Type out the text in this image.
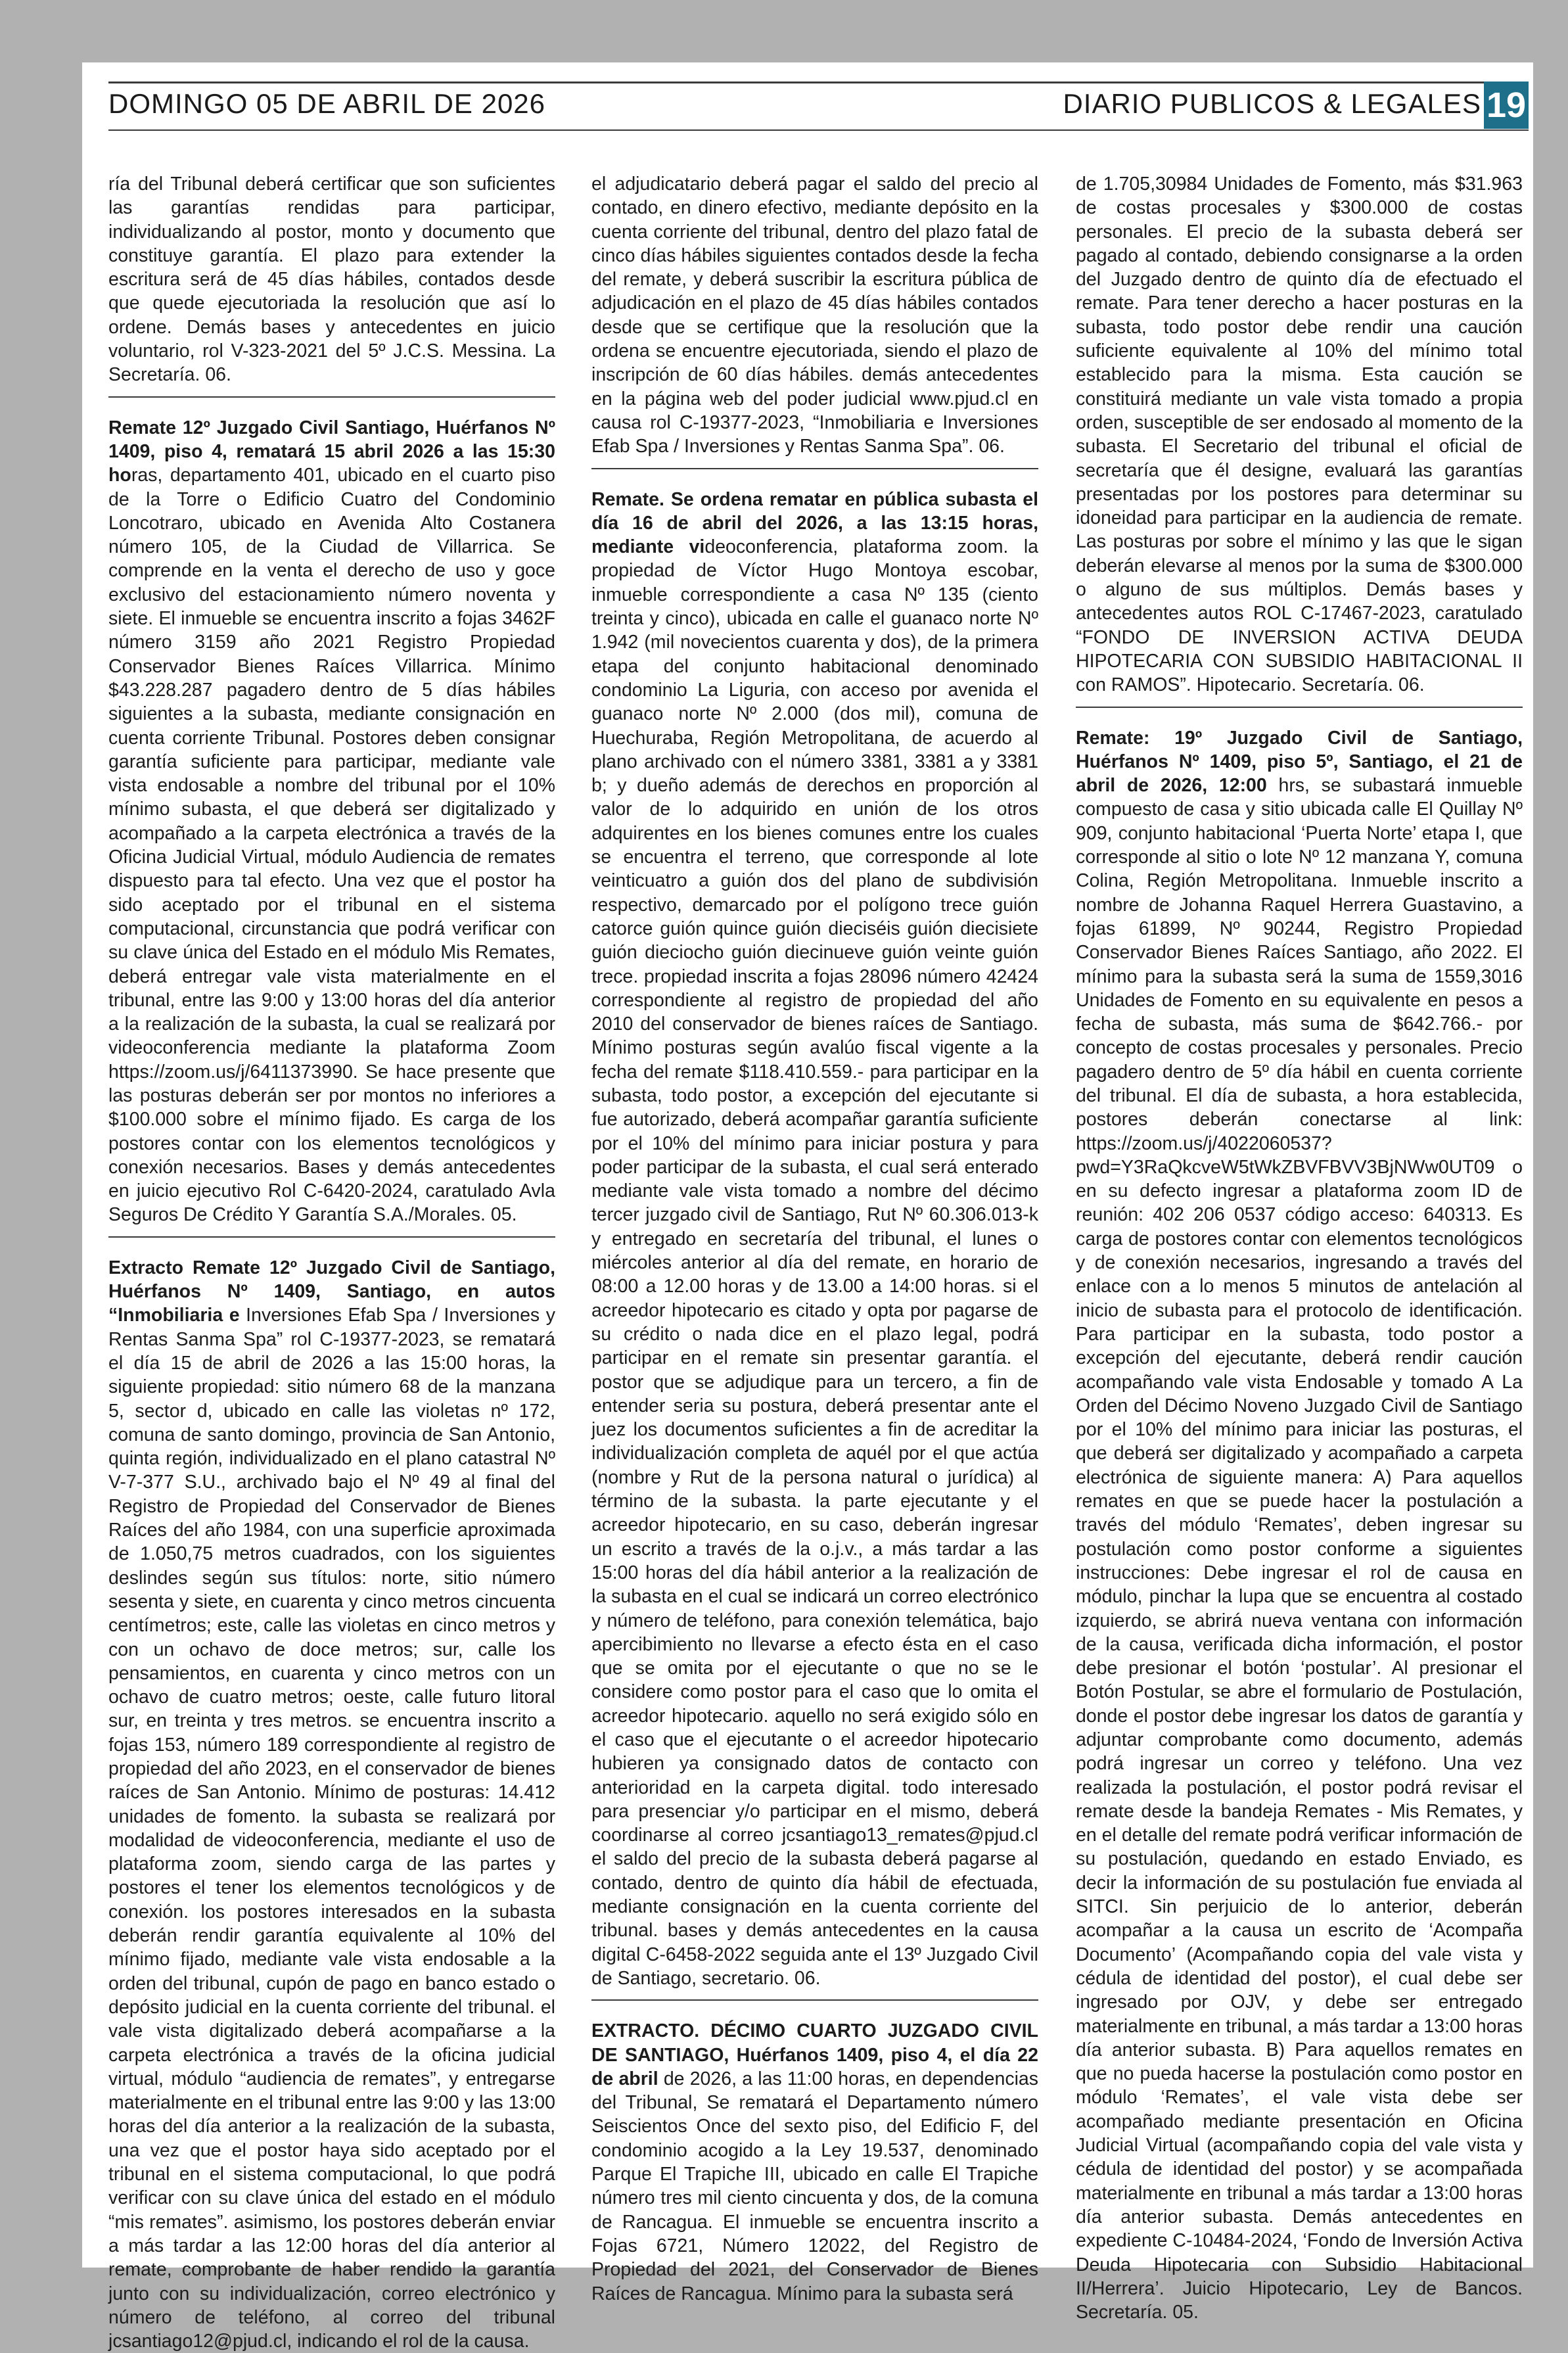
DOMINGO 05 DE ABRIL DE 2026	DIARIO PUBLICOS & LEGALES 19

ría del Tribunal deberá certificar que son suficientes las garantías rendidas para participar, individualizando al postor, monto y documento que constituye garantía. El plazo para extender la escritura será de 45 días hábiles, contados desde que quede ejecutoriada la resolución que así lo ordene. Demás bases y antecedentes en juicio voluntario, rol V-323-2021 del 5º J.C.S. Messina. La Secretaría. 06.

Remate 12º Juzgado Civil Santiago, Huérfanos Nº 1409, piso 4, rematará 15 abril 2026 a las 15:30 horas, departamento 401, ubicado en el cuarto piso de la Torre o Edificio Cuatro del Condominio Loncotraro, ubicado en Avenida Alto Costanera número 105, de la Ciudad de Villarrica. Se comprende en la venta el derecho de uso y goce exclusivo del estacionamiento número noventa y siete. El inmueble se encuentra inscrito a fojas 3462F número 3159 año 2021 Registro Propiedad Conservador Bienes Raíces Villarrica. Mínimo $43.228.287 pagadero dentro de 5 días hábiles siguientes a la subasta, mediante consignación en cuenta corriente Tribunal. Postores deben consignar garantía suficiente para participar, mediante vale vista endosable a nombre del tribunal por el 10% mínimo subasta, el que deberá ser digitalizado y acompañado a la carpeta electrónica a través de la Oficina Judicial Virtual, módulo Audiencia de remates dispuesto para tal efecto. Una vez que el postor ha sido aceptado por el tribunal en el sistema computacional, circunstancia que podrá verificar con su clave única del Estado en el módulo Mis Remates, deberá entregar vale vista materialmente en el tribunal, entre las 9:00 y 13:00 horas del día anterior a la realización de la subasta, la cual se realizará por videoconferencia mediante la plataforma Zoom https://zoom.us/j/6411373990. Se hace presente que las posturas deberán ser por montos no inferiores a $100.000 sobre el mínimo fijado. Es carga de los postores contar con los elementos tecnológicos y conexión necesarios. Bases y demás antecedentes en juicio ejecutivo Rol C-6420-2024, caratulado Avla Seguros De Crédito Y Garantía S.A./Morales. 05.

Extracto Remate 12º Juzgado Civil de Santiago, Huérfanos Nº 1409, Santiago, en autos “Inmobiliaria e Inversiones Efab Spa / Inversiones y Rentas Sanma Spa” rol C-19377-2023, se rematará el día 15 de abril de 2026 a las 15:00 horas, la siguiente propiedad: sitio número 68 de la manzana 5, sector d, ubicado en calle las violetas nº 172, comuna de santo domingo, provincia de San Antonio, quinta región, individualizado en el plano catastral Nº V-7-377 S.U., archivado bajo el Nº 49 al final del Registro de Propiedad del Conservador de Bienes Raíces del año 1984, con una superficie aproximada de 1.050,75 metros cuadrados, con los siguientes deslindes según sus títulos: norte, sitio número sesenta y siete, en cuarenta y cinco metros cincuenta centímetros; este, calle las violetas en cinco metros y con un ochavo de doce metros; sur, calle los pensamientos, en cuarenta y cinco metros con un ochavo de cuatro metros; oeste, calle futuro litoral sur, en treinta y tres metros. se encuentra inscrito a fojas 153, número 189 correspondiente al registro de propiedad del año 2023, en el conservador de bienes raíces de San Antonio. Mínimo de posturas: 14.412 unidades de fomento. la subasta se realizará por modalidad de videoconferencia, mediante el uso de plataforma zoom, siendo carga de las partes y postores el tener los elementos tecnológicos y de conexión. los postores interesados en la subasta deberán rendir garantía equivalente al 10% del mínimo fijado, mediante vale vista endosable a la orden del tribunal, cupón de pago en banco estado o depósito judicial en la cuenta corriente del tribunal. el vale vista digitalizado deberá acompañarse a la carpeta electrónica a través de la oficina judicial virtual, módulo “audiencia de remates”, y entregarse materialmente en el tribunal entre las 9:00 y las 13:00 horas del día anterior a la realización de la subasta, una vez que el postor haya sido aceptado por el tribunal en el sistema computacional, lo que podrá verificar con su clave única del estado en el módulo “mis remates”. asimismo, los postores deberán enviar a más tardar a las 12:00 horas del día anterior al remate, comprobante de haber rendido la garantía junto con su individualización, correo electrónico y número de teléfono, al correo del tribunal jcsantiago12@pjud.cl, indicando el rol de la causa.

el adjudicatario deberá pagar el saldo del precio al contado, en dinero efectivo, mediante depósito en la cuenta corriente del tribunal, dentro del plazo fatal de cinco días hábiles siguientes contados desde la fecha del remate, y deberá suscribir la escritura pública de adjudicación en el plazo de 45 días hábiles contados desde que se certifique que la resolución que la ordena se encuentre ejecutoriada, siendo el plazo de inscripción de 60 días hábiles. demás antecedentes en la página web del poder judicial www.pjud.cl en causa rol C-19377-2023, “Inmobiliaria e Inversiones Efab Spa / Inversiones y Rentas Sanma Spa”. 06.

Remate. Se ordena rematar en pública subasta el día 16 de abril del 2026, a las 13:15 horas, mediante videoconferencia, plataforma zoom. la propiedad de Víctor Hugo Montoya escobar, inmueble correspondiente a casa Nº 135 (ciento treinta y cinco), ubicada en calle el guanaco norte Nº 1.942 (mil novecientos cuarenta y dos), de la primera etapa del conjunto habitacional denominado condominio La Liguria, con acceso por avenida el guanaco norte Nº 2.000 (dos mil), comuna de Huechuraba, Región Metropolitana, de acuerdo al plano archivado con el número 3381, 3381 a y 3381 b; y dueño además de derechos en proporción al valor de lo adquirido en unión de los otros adquirentes en los bienes comunes entre los cuales se encuentra el terreno, que corresponde al lote veinticuatro a guión dos del plano de subdivisión respectivo, demarcado por el polígono trece guión catorce guión quince guión dieciséis guión diecisiete guión dieciocho guión diecinueve guión veinte guión trece. propiedad inscrita a fojas 28096 número 42424 correspondiente al registro de propiedad del año 2010 del conservador de bienes raíces de Santiago. Mínimo posturas según avalúo fiscal vigente a la fecha del remate $118.410.559.- para participar en la subasta, todo postor, a excepción del ejecutante si fue autorizado, deberá acompañar garantía suficiente por el 10% del mínimo para iniciar postura y para poder participar de la subasta, el cual será enterado mediante vale vista tomado a nombre del décimo tercer juzgado civil de Santiago, Rut Nº 60.306.013-k y entregado en secretaría del tribunal, el lunes o miércoles anterior al día del remate, en horario de 08:00 a 12.00 horas y de 13.00 a 14:00 horas. si el acreedor hipotecario es citado y opta por pagarse de su crédito o nada dice en el plazo legal, podrá participar en el remate sin presentar garantía. el postor que se adjudique para un tercero, a fin de entender seria su postura, deberá presentar ante el juez los documentos suficientes a fin de acreditar la individualización completa de aquél por el que actúa (nombre y Rut de la persona natural o jurídica) al término de la subasta. la parte ejecutante y el acreedor hipotecario, en su caso, deberán ingresar un escrito a través de la o.j.v., a más tardar a las 15:00 horas del día hábil anterior a la realización de la subasta en el cual se indicará un correo electrónico y número de teléfono, para conexión telemática, bajo apercibimiento no llevarse a efecto ésta en el caso que se omita por el ejecutante o que no se le considere como postor para el caso que lo omita el acreedor hipotecario. aquello no será exigido sólo en el caso que el ejecutante o el acreedor hipotecario hubieren ya consignado datos de contacto con anterioridad en la carpeta digital. todo interesado para presenciar y/o participar en el mismo, deberá coordinarse al correo jcsantiago13_remates@pjud.cl el saldo del precio de la subasta deberá pagarse al contado, dentro de quinto día hábil de efectuada, mediante consignación en la cuenta corriente del tribunal. bases y demás antecedentes en la causa digital C-6458-2022 seguida ante el 13º Juzgado Civil de Santiago, secretario. 06.

EXTRACTO. DÉCIMO CUARTO JUZGADO CIVIL DE SANTIAGO, Huérfanos 1409, piso 4, el día 22 de abril de 2026, a las 11:00 horas, en dependencias del Tribunal, Se rematará el Departamento número Seiscientos Once del sexto piso, del Edificio F, del condominio acogido a la Ley 19.537, denominado Parque El Trapiche III, ubicado en calle El Trapiche número tres mil ciento cincuenta y dos, de la comuna de Rancagua. El inmueble se encuentra inscrito a Fojas 6721, Número 12022, del Registro de Propiedad del 2021, del Conservador de Bienes Raíces de Rancagua. Mínimo para la subasta será

de 1.705,30984 Unidades de Fomento, más $31.963 de costas procesales y $300.000 de costas personales. El precio de la subasta deberá ser pagado al contado, debiendo consignarse a la orden del Juzgado dentro de quinto día de efectuado el remate. Para tener derecho a hacer posturas en la subasta, todo postor debe rendir una caución suficiente equivalente al 10% del mínimo total establecido para la misma. Esta caución se constituirá mediante un vale vista tomado a propia orden, susceptible de ser endosado al momento de la subasta. El Secretario del tribunal el oficial de secretaría que él designe, evaluará las garantías presentadas por los postores para determinar su idoneidad para participar en la audiencia de remate. Las posturas por sobre el mínimo y las que le sigan deberán elevarse al menos por la suma de $300.000 o alguno de sus múltiplos. Demás bases y antecedentes autos ROL C-17467-2023, caratulado “FONDO DE INVERSION ACTIVA DEUDA HIPOTECARIA CON SUBSIDIO HABITACIONAL II con RAMOS”. Hipotecario. Secretaría. 06.

Remate: 19º Juzgado Civil de Santiago, Huérfanos Nº 1409, piso 5º, Santiago, el 21 de abril de 2026, 12:00 hrs, se subastará inmueble compuesto de casa y sitio ubicada calle El Quillay Nº 909, conjunto habitacional ‘Puerta Norte’ etapa I, que corresponde al sitio o lote Nº 12 manzana Y, comuna Colina, Región Metropolitana. Inmueble inscrito a nombre de Johanna Raquel Herrera Guastavino, a fojas 61899, Nº 90244, Registro Propiedad Conservador Bienes Raíces Santiago, año 2022. El mínimo para la subasta será la suma de 1559,3016 Unidades de Fomento en su equivalente en pesos a fecha de subasta, más suma de $642.766.- por concepto de costas procesales y personales. Precio pagadero dentro de 5º día hábil en cuenta corriente del tribunal. El día de subasta, a hora establecida, postores deberán conectarse al link: https://zoom.us/j/4022060537?pwd=Y3RaQkcveW5tWkZBVFBVV3BjNWw0UT09 o en su defecto ingresar a plataforma zoom ID de reunión: 402 206 0537 código acceso: 640313. Es carga de postores contar con elementos tecnológicos y de conexión necesarios, ingresando a través del enlace con a lo menos 5 minutos de antelación al inicio de subasta para el protocolo de identificación. Para participar en la subasta, todo postor a excepción del ejecutante, deberá rendir caución acompañando vale vista Endosable y tomado A La Orden del Décimo Noveno Juzgado Civil de Santiago por el 10% del mínimo para iniciar las posturas, el que deberá ser digitalizado y acompañado a carpeta electrónica de siguiente manera: A) Para aquellos remates en que se puede hacer la postulación a través del módulo ‘Remates’, deben ingresar su postulación como postor conforme a siguientes instrucciones: Debe ingresar el rol de causa en módulo, pinchar la lupa que se encuentra al costado izquierdo, se abrirá nueva ventana con información de la causa, verificada dicha información, el postor debe presionar el botón ‘postular’. Al presionar el Botón Postular, se abre el formulario de Postulación, donde el postor debe ingresar los datos de garantía y adjuntar comprobante como documento, además podrá ingresar un correo y teléfono. Una vez realizada la postulación, el postor podrá revisar el remate desde la bandeja Remates - Mis Remates, y en el detalle del remate podrá verificar información de su postulación, quedando en estado Enviado, es decir la información de su postulación fue enviada al SITCI. Sin perjuicio de lo anterior, deberán acompañar a la causa un escrito de ‘Acompaña Documento’ (Acompañando copia del vale vista y cédula de identidad del postor), el cual debe ser ingresado por OJV, y debe ser entregado materialmente en tribunal, a más tardar a 13:00 horas día anterior subasta. B) Para aquellos remates en que no pueda hacerse la postulación como postor en módulo ‘Remates’, el vale vista debe ser acompañado mediante presentación en Oficina Judicial Virtual (acompañando copia del vale vista y cédula de identidad del postor) y se acompañada materialmente en tribunal a más tardar a 13:00 horas día anterior subasta. Demás antecedentes en expediente C-10484-2024, ‘Fondo de Inversión Activa Deuda Hipotecaria con Subsidio Habitacional II/Herrera’. Juicio Hipotecario, Ley de Bancos. Secretaría. 05.
